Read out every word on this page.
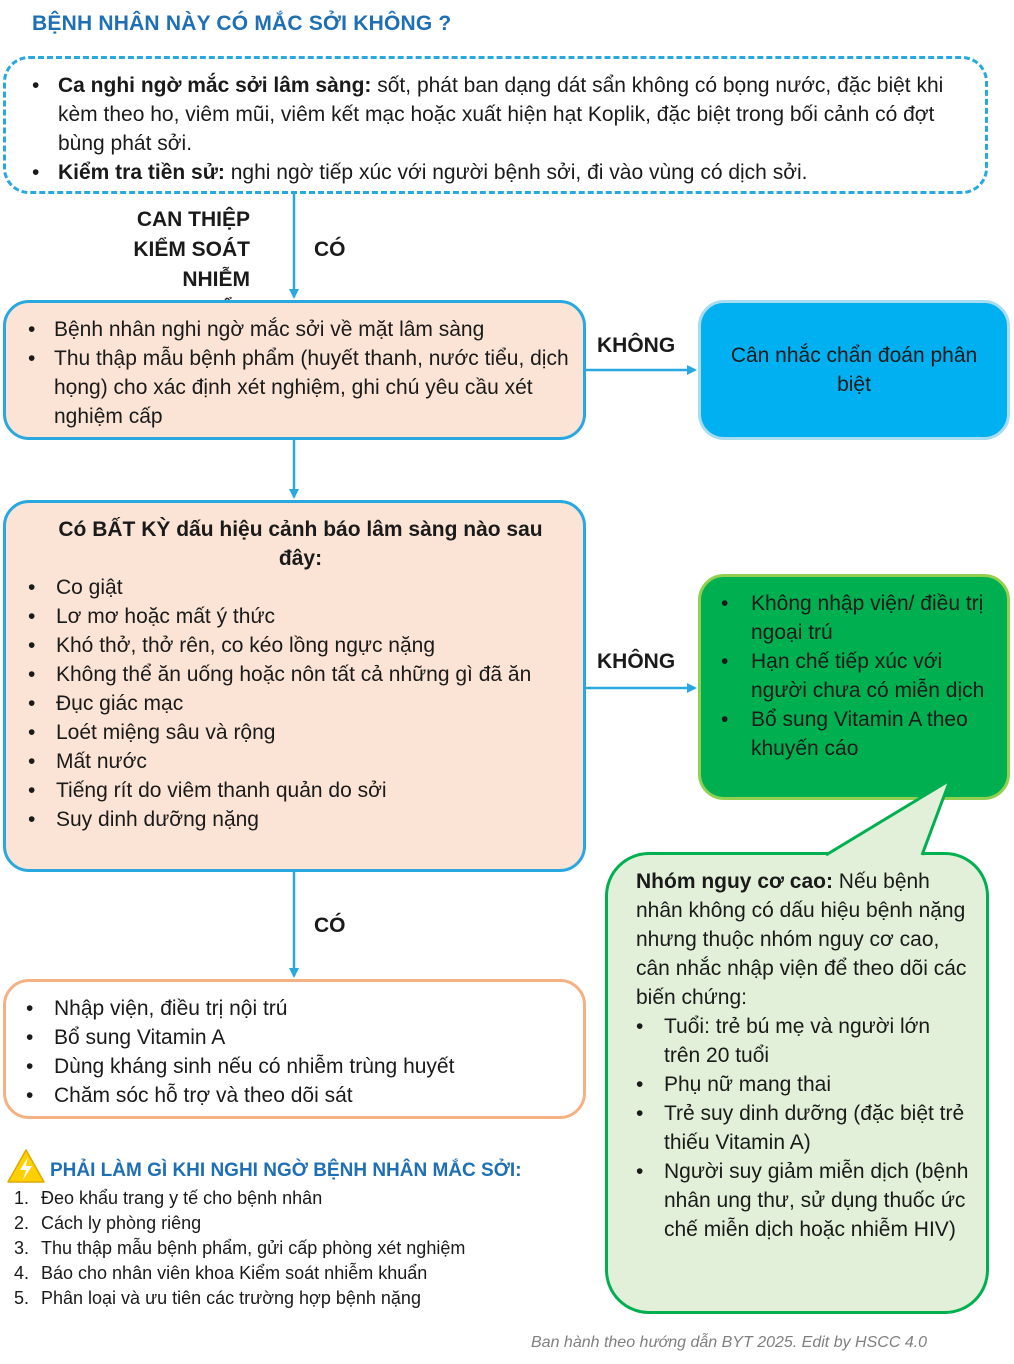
BỆNH NHÂN NÀY CÓ MẮC SỞI KHÔNG ?
• Ca nghi ngờ mắc sởi lâm sàng: sốt, phát ban dạng dát sẩn không có bọng nước, đặc biệt khi kèm theo ho, viêm mũi, viêm kết mạc hoặc xuất hiện hạt Koplik, đặc biệt trong bối cảnh có đợt bùng phát sởi.
• Kiểm tra tiền sử: nghi ngờ tiếp xúc với người bệnh sởi, đi vào vùng có dịch sởi.
CAN THIỆP
KIỂM SOÁT
NHIỄM
CÓ
• Bệnh nhân nghi ngờ mắc sởi về mặt lâm sàng
• Thu thập mẫu bệnh phẩm (huyết thanh, nước tiểu, dịch họng) cho xác định xét nghiệm, ghi chú yêu cầu xét nghiệm cấp
KHÔNG	Cân nhắc chẩn đoán phân biệt
Có BẤT KỲ dấu hiệu cảnh báo lâm sàng nào sau đây:
• Co giật
• Lơ mơ hoặc mất ý thức
• Khó thở, thở rên, co kéo lồng ngực nặng
• Không thể ăn uống hoặc nôn tất cả những gì đã ăn
• Đục giác mạc
• Loét miệng sâu và rộng
• Mất nước
• Tiếng rít do viêm thanh quản do sởi
• Suy dinh dưỡng nặng
KHÔNG
• Không nhập viện/ điều trị ngoại trú
• Hạn chế tiếp xúc với người chưa có miễn dịch
• Bổ sung Vitamin A theo khuyến cáo
CÓ
• Nhập viện, điều trị nội trú
• Bổ sung Vitamin A
• Dùng kháng sinh nếu có nhiễm trùng huyết
• Chăm sóc hỗ trợ và theo dõi sát
Nhóm nguy cơ cao: Nếu bệnh nhân không có dấu hiệu bệnh nặng nhưng thuộc nhóm nguy cơ cao, cân nhắc nhập viện để theo dõi các biến chứng:
• Tuổi: trẻ bú mẹ và người lớn trên 20 tuổi
• Phụ nữ mang thai
• Trẻ suy dinh dưỡng (đặc biệt trẻ thiếu Vitamin A)
• Người suy giảm miễn dịch (bệnh nhân ung thư, sử dụng thuốc ức chế miễn dịch hoặc nhiễm HIV)
PHẢI LÀM GÌ KHI NGHI NGỜ BỆNH NHÂN MẮC SỞI:
1. Đeo khẩu trang y tế cho bệnh nhân
2. Cách ly phòng riêng
3. Thu thập mẫu bệnh phẩm, gửi cấp phòng xét nghiệm
4. Báo cho nhân viên khoa Kiểm soát nhiễm khuẩn
5. Phân loại và ưu tiên các trường hợp bệnh nặng
Ban hành theo hướng dẫn BYT 2025. Edit by HSCC 4.0
